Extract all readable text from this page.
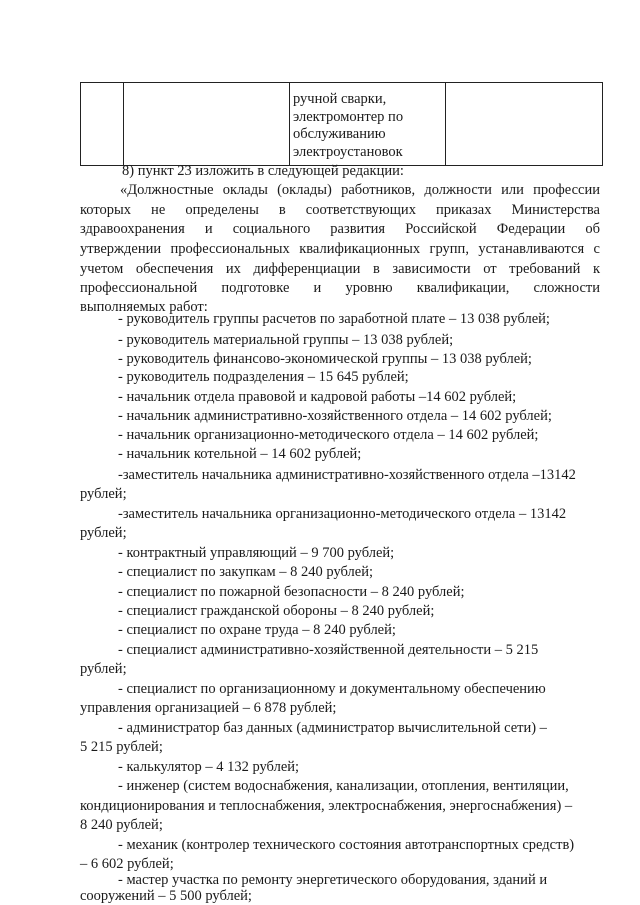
ручной сварки,
электромонтер по
обслуживанию
электроустановок

8) пункт 23 изложить в следующей редакции:
«Должностные оклады (оклады) работников, должности или профессии
которых не определены в соответствующих приказах Министерства
здравоохранения и социального развития Российской Федерации об
утверждении профессиональных квалификационных групп, устанавливаются с
учетом обеспечения их дифференциации в зависимости от требований к
профессиональной подготовке и уровню квалификации, сложности
выполняемых работ:
- руководитель группы расчетов по заработной плате – 13 038 рублей;
- руководитель материальной группы – 13 038 рублей;
- руководитель финансово-экономической группы – 13 038 рублей;
- руководитель подразделения – 15 645 рублей;
- начальник отдела правовой и кадровой работы –14 602 рублей;
- начальник административно-хозяйственного отдела – 14 602 рублей;
- начальник организационно-методического отдела – 14 602 рублей;
- начальник котельной – 14 602 рублей;
-заместитель начальника административно-хозяйственного отдела –13142
рублей;
-заместитель начальника организационно-методического отдела – 13142
рублей;
- контрактный управляющий – 9 700 рублей;
- специалист по закупкам – 8 240 рублей;
- специалист по пожарной безопасности – 8 240 рублей;
- специалист гражданской обороны – 8 240 рублей;
- специалист по охране труда – 8 240 рублей;
- специалист административно-хозяйственной деятельности – 5 215
рублей;
- специалист по организационному и документальному обеспечению
управления организацией – 6 878 рублей;
- администратор баз данных (администратор вычислительной сети) –
5 215 рублей;
- калькулятор – 4 132 рублей;
- инженер (систем водоснабжения, канализации, отопления, вентиляции,
кондиционирования и теплоснабжения, электроснабжения, энергоснабжения) –
8 240 рублей;
- механик (контролер технического состояния автотранспортных средств)
– 6 602 рублей;
- мастер участка по ремонту энергетического оборудования, зданий и
сооружений – 5 500 рублей;
